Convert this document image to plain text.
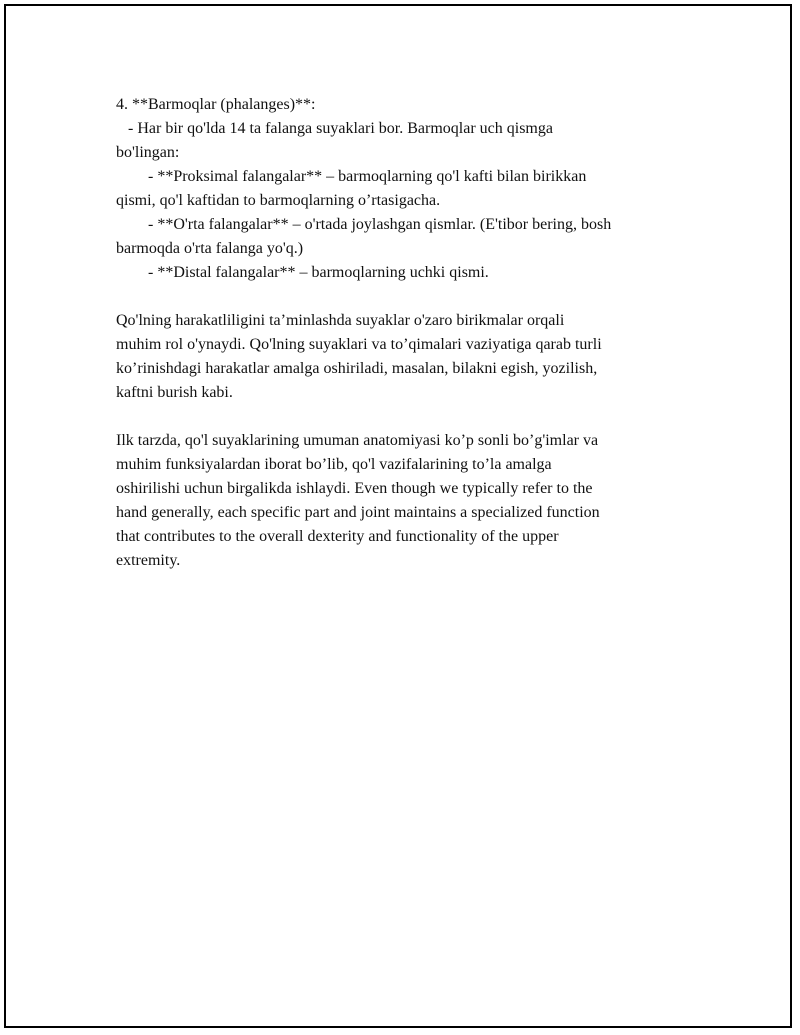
4. **Barmoqlar (phalanges)**:
- Har bir qo'lda 14 ta falanga suyaklari bor. Barmoqlar uch qismga
bo'lingan:
- **Proksimal falangalar** – barmoqlarning qo'l kafti bilan birikkan
qismi, qo'l kaftidan to barmoqlarning o’rtasigacha.
- **O'rta falangalar** – o'rtada joylashgan qismlar. (E'tibor bering, bosh
barmoqda o'rta falanga yo'q.)
- **Distal falangalar** – barmoqlarning uchki qismi.
Qo'lning harakatliligini ta’minlashda suyaklar o'zaro birikmalar orqali
muhim rol o'ynaydi. Qo'lning suyaklari va to’qimalari vaziyatiga qarab turli
ko’rinishdagi harakatlar amalga oshiriladi, masalan, bilakni egish, yozilish,
kaftni burish kabi.
Ilk tarzda, qo'l suyaklarining umuman anatomiyasi ko’p sonli bo’g'imlar va
muhim funksiyalardan iborat bo’lib, qo'l vazifalarining to’la amalga
oshirilishi uchun birgalikda ishlaydi. Even though we typically refer to the
hand generally, each specific part and joint maintains a specialized function
that contributes to the overall dexterity and functionality of the upper
extremity.
